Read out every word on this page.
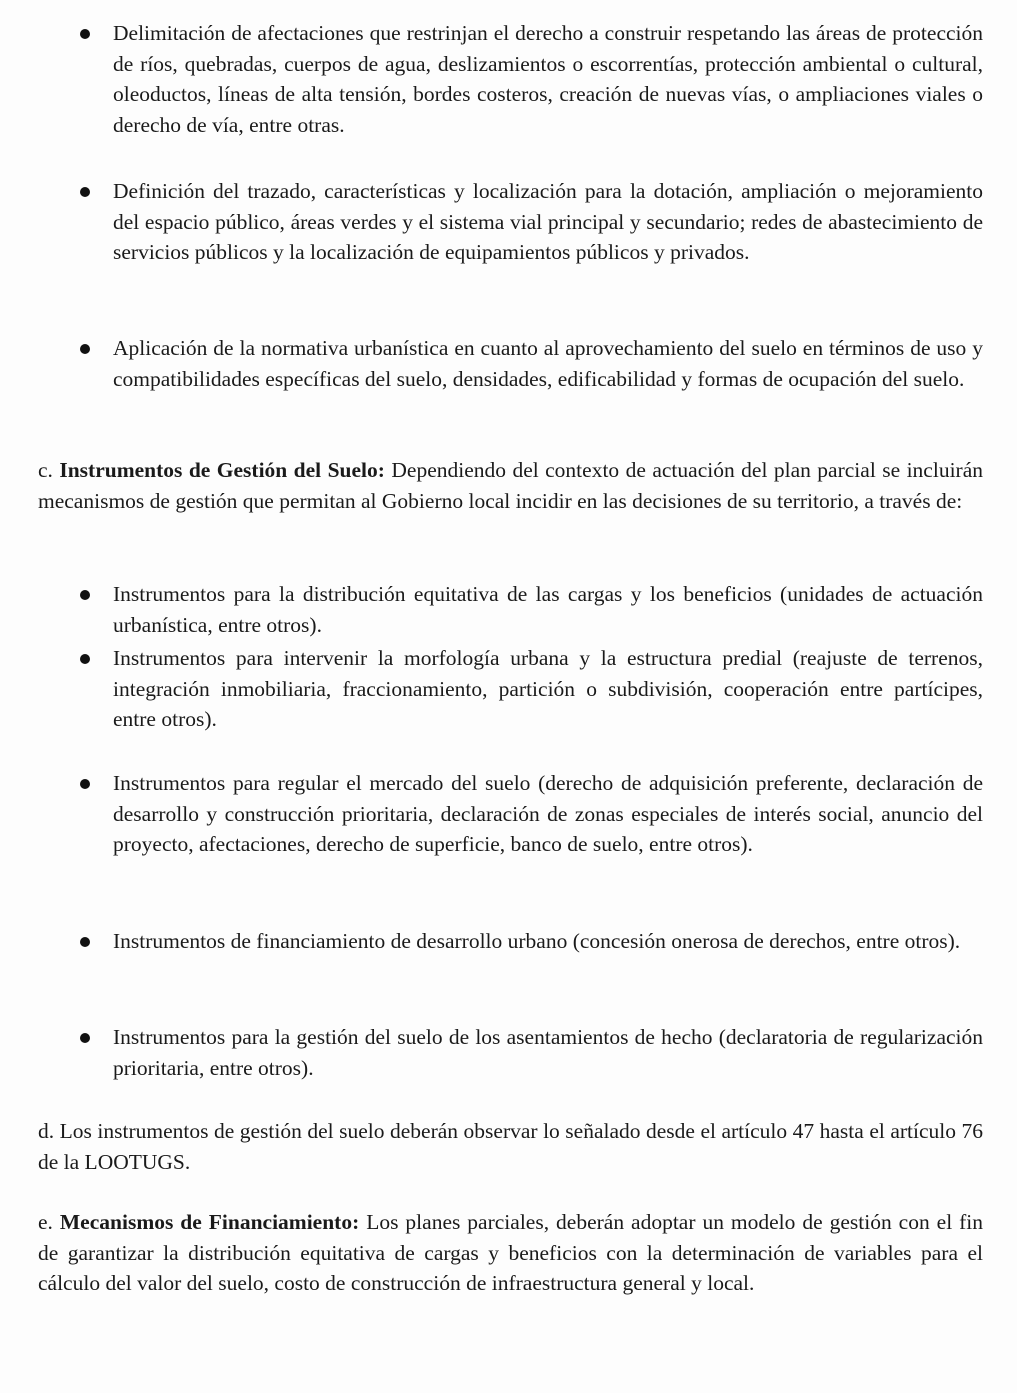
Delimitación de afectaciones que restrinjan el derecho a construir respetando las áreas de protección de ríos, quebradas, cuerpos de agua, deslizamientos o escorrentías, protección ambiental o cultural, oleoductos, líneas de alta tensión, bordes costeros, creación de nuevas vías, o ampliaciones viales o derecho de vía, entre otras.
Definición del trazado, características y localización para la dotación, ampliación o mejoramiento del espacio público, áreas verdes y el sistema vial principal y secundario; redes de abastecimiento de servicios públicos y la localización de equipamientos públicos y privados.
Aplicación de la normativa urbanística en cuanto al aprovechamiento del suelo en términos de uso y compatibilidades específicas del suelo, densidades, edificabilidad y formas de ocupación del suelo.
c. Instrumentos de Gestión del Suelo: Dependiendo del contexto de actuación del plan parcial se incluirán mecanismos de gestión que permitan al Gobierno local incidir en las decisiones de su territorio, a través de:
Instrumentos para la distribución equitativa de las cargas y los beneficios (unidades de actuación urbanística, entre otros).
Instrumentos para intervenir la morfología urbana y la estructura predial (reajuste de terrenos, integración inmobiliaria, fraccionamiento, partición o subdivisión, cooperación entre partícipes, entre otros).
Instrumentos para regular el mercado del suelo (derecho de adquisición preferente, declaración de desarrollo y construcción prioritaria, declaración de zonas especiales de interés social, anuncio del proyecto, afectaciones, derecho de superficie, banco de suelo, entre otros).
Instrumentos de financiamiento de desarrollo urbano (concesión onerosa de derechos, entre otros).
Instrumentos para la gestión del suelo de los asentamientos de hecho (declaratoria de regularización prioritaria, entre otros).
d. Los instrumentos de gestión del suelo deberán observar lo señalado desde el artículo 47 hasta el artículo 76 de la LOOTUGS.
e. Mecanismos de Financiamiento: Los planes parciales, deberán adoptar un modelo de gestión con el fin de garantizar la distribución equitativa de cargas y beneficios con la determinación de variables para el cálculo del valor del suelo, costo de construcción de infraestructura general y local.
